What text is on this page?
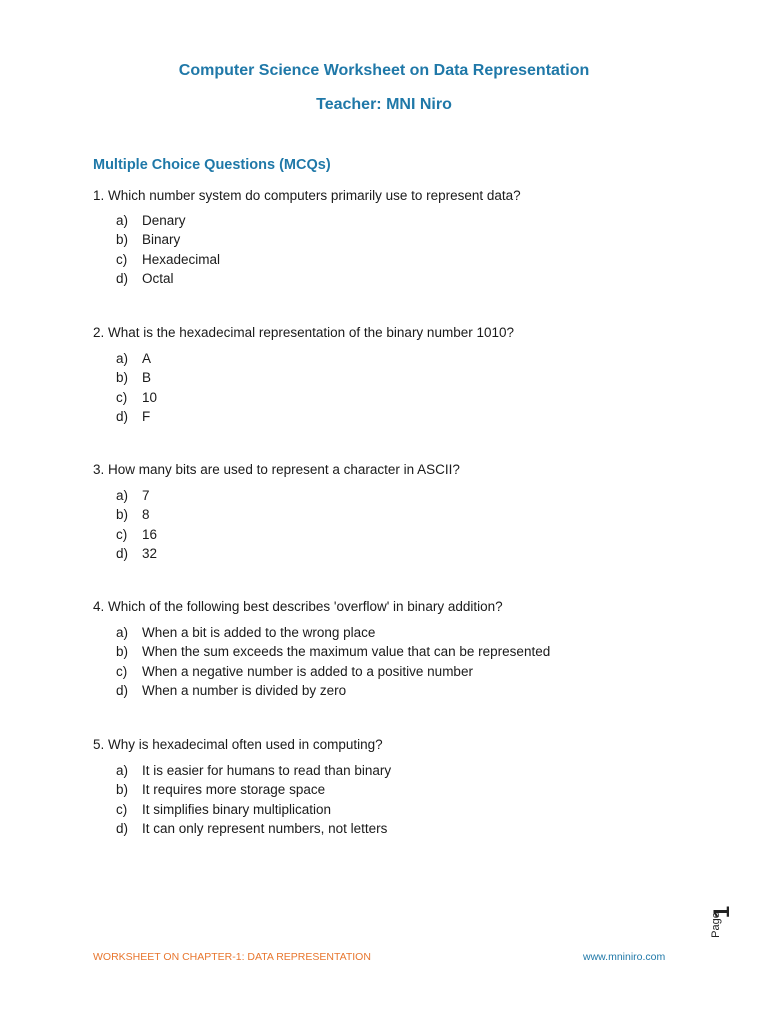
Computer Science Worksheet on Data Representation
Teacher: MNI Niro
Multiple Choice Questions (MCQs)
1. Which number system do computers primarily use to represent data?
a)	Denary
b)	Binary
c)	Hexadecimal
d)	Octal
2. What is the hexadecimal representation of the binary number 1010?
a)	A
b)	B
c)	10
d)	F
3. How many bits are used to represent a character in ASCII?
a)	7
b)	8
c)	16
d)	32
4. Which of the following best describes 'overflow' in binary addition?
a)	When a bit is added to the wrong place
b)	When the sum exceeds the maximum value that can be represented
c)	When a negative number is added to a positive number
d)	When a number is divided by zero
5. Why is hexadecimal often used in computing?
a)	It is easier for humans to read than binary
b)	It requires more storage space
c)	It simplifies binary multiplication
d)	It can only represent numbers, not letters
1
Page
WORKSHEET ON CHAPTER-1: DATA REPRESENTATION	www.mniniro.com
